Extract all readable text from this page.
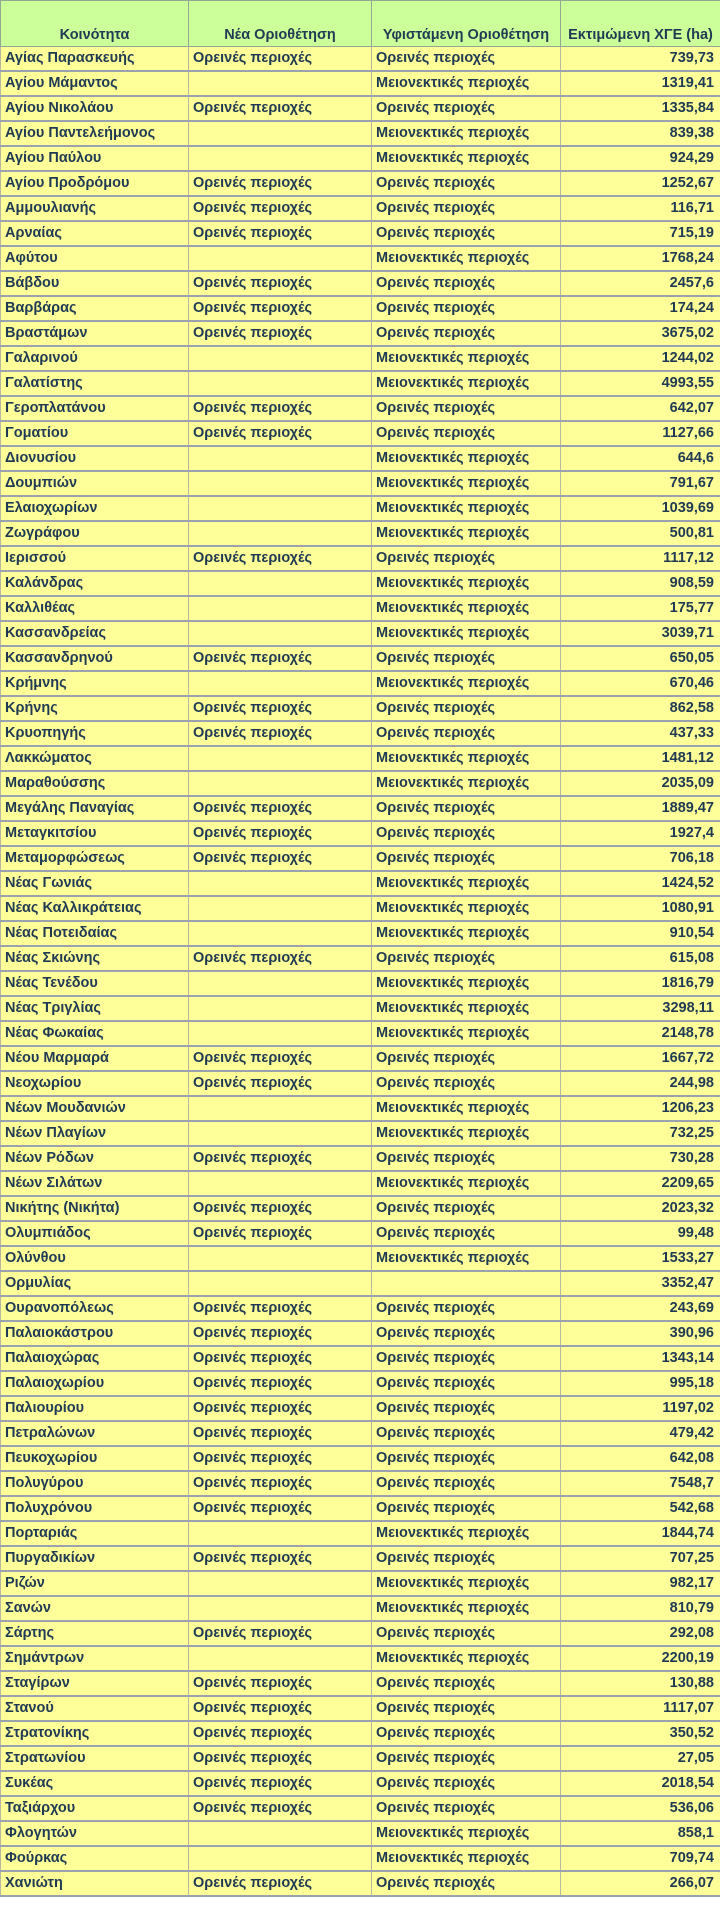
Κοινότητα	Νέα Οριοθέτηση	Υφιστάμενη Οριοθέτηση	Εκτιμώμενη ΧΓΕ (ha)
Αγίας Παρασκευής	Ορεινές περιοχές	Ορεινές περιοχές	739,73
Αγίου Μάμαντος		Μειονεκτικές περιοχές	1319,41
Αγίου Νικολάου	Ορεινές περιοχές	Ορεινές περιοχές	1335,84
Αγίου Παντελεήμονος		Μειονεκτικές περιοχές	839,38
Αγίου Παύλου		Μειονεκτικές περιοχές	924,29
Αγίου Προδρόμου	Ορεινές περιοχές	Ορεινές περιοχές	1252,67
Αμμουλιανής	Ορεινές περιοχές	Ορεινές περιοχές	116,71
Αρναίας	Ορεινές περιοχές	Ορεινές περιοχές	715,19
Αφύτου		Μειονεκτικές περιοχές	1768,24
Βάβδου	Ορεινές περιοχές	Ορεινές περιοχές	2457,6
Βαρβάρας	Ορεινές περιοχές	Ορεινές περιοχές	174,24
Βραστάμων	Ορεινές περιοχές	Ορεινές περιοχές	3675,02
Γαλαρινού		Μειονεκτικές περιοχές	1244,02
Γαλατίστης		Μειονεκτικές περιοχές	4993,55
Γεροπλατάνου	Ορεινές περιοχές	Ορεινές περιοχές	642,07
Γοματίου	Ορεινές περιοχές	Ορεινές περιοχές	1127,66
Διονυσίου		Μειονεκτικές περιοχές	644,6
Δουμπιών		Μειονεκτικές περιοχές	791,67
Ελαιοχωρίων		Μειονεκτικές περιοχές	1039,69
Ζωγράφου		Μειονεκτικές περιοχές	500,81
Ιερισσού	Ορεινές περιοχές	Ορεινές περιοχές	1117,12
Καλάνδρας		Μειονεκτικές περιοχές	908,59
Καλλιθέας		Μειονεκτικές περιοχές	175,77
Κασσανδρείας		Μειονεκτικές περιοχές	3039,71
Κασσανδρηνού	Ορεινές περιοχές	Ορεινές περιοχές	650,05
Κρήμνης		Μειονεκτικές περιοχές	670,46
Κρήνης	Ορεινές περιοχές	Ορεινές περιοχές	862,58
Κρυοπηγής	Ορεινές περιοχές	Ορεινές περιοχές	437,33
Λακκώματος		Μειονεκτικές περιοχές	1481,12
Μαραθούσσης		Μειονεκτικές περιοχές	2035,09
Μεγάλης Παναγίας	Ορεινές περιοχές	Ορεινές περιοχές	1889,47
Μεταγκιτσίου	Ορεινές περιοχές	Ορεινές περιοχές	1927,4
Μεταμορφώσεως	Ορεινές περιοχές	Ορεινές περιοχές	706,18
Νέας Γωνιάς		Μειονεκτικές περιοχές	1424,52
Νέας Καλλικράτειας		Μειονεκτικές περιοχές	1080,91
Νέας Ποτειδαίας		Μειονεκτικές περιοχές	910,54
Νέας Σκιώνης	Ορεινές περιοχές	Ορεινές περιοχές	615,08
Νέας Τενέδου		Μειονεκτικές περιοχές	1816,79
Νέας Τριγλίας		Μειονεκτικές περιοχές	3298,11
Νέας Φωκαίας		Μειονεκτικές περιοχές	2148,78
Νέου Μαρμαρά	Ορεινές περιοχές	Ορεινές περιοχές	1667,72
Νεοχωρίου	Ορεινές περιοχές	Ορεινές περιοχές	244,98
Νέων Μουδανιών		Μειονεκτικές περιοχές	1206,23
Νέων Πλαγίων		Μειονεκτικές περιοχές	732,25
Νέων Ρόδων	Ορεινές περιοχές	Ορεινές περιοχές	730,28
Νέων Σιλάτων		Μειονεκτικές περιοχές	2209,65
Νικήτης (Νικήτα)	Ορεινές περιοχές	Ορεινές περιοχές	2023,32
Ολυμπιάδος	Ορεινές περιοχές	Ορεινές περιοχές	99,48
Ολύνθου		Μειονεκτικές περιοχές	1533,27
Ορμυλίας			3352,47
Ουρανοπόλεως	Ορεινές περιοχές	Ορεινές περιοχές	243,69
Παλαιοκάστρου	Ορεινές περιοχές	Ορεινές περιοχές	390,96
Παλαιοχώρας	Ορεινές περιοχές	Ορεινές περιοχές	1343,14
Παλαιοχωρίου	Ορεινές περιοχές	Ορεινές περιοχές	995,18
Παλιουρίου	Ορεινές περιοχές	Ορεινές περιοχές	1197,02
Πετραλώνων	Ορεινές περιοχές	Ορεινές περιοχές	479,42
Πευκοχωρίου	Ορεινές περιοχές	Ορεινές περιοχές	642,08
Πολυγύρου	Ορεινές περιοχές	Ορεινές περιοχές	7548,7
Πολυχρόνου	Ορεινές περιοχές	Ορεινές περιοχές	542,68
Πορταριάς		Μειονεκτικές περιοχές	1844,74
Πυργαδικίων	Ορεινές περιοχές	Ορεινές περιοχές	707,25
Ριζών		Μειονεκτικές περιοχές	982,17
Σανών		Μειονεκτικές περιοχές	810,79
Σάρτης	Ορεινές περιοχές	Ορεινές περιοχές	292,08
Σημάντρων		Μειονεκτικές περιοχές	2200,19
Σταγίρων	Ορεινές περιοχές	Ορεινές περιοχές	130,88
Στανού	Ορεινές περιοχές	Ορεινές περιοχές	1117,07
Στρατονίκης	Ορεινές περιοχές	Ορεινές περιοχές	350,52
Στρατωνίου	Ορεινές περιοχές	Ορεινές περιοχές	27,05
Συκέας	Ορεινές περιοχές	Ορεινές περιοχές	2018,54
Ταξιάρχου	Ορεινές περιοχές	Ορεινές περιοχές	536,06
Φλογητών		Μειονεκτικές περιοχές	858,1
Φούρκας		Μειονεκτικές περιοχές	709,74
Χανιώτη	Ορεινές περιοχές	Ορεινές περιοχές	266,07
